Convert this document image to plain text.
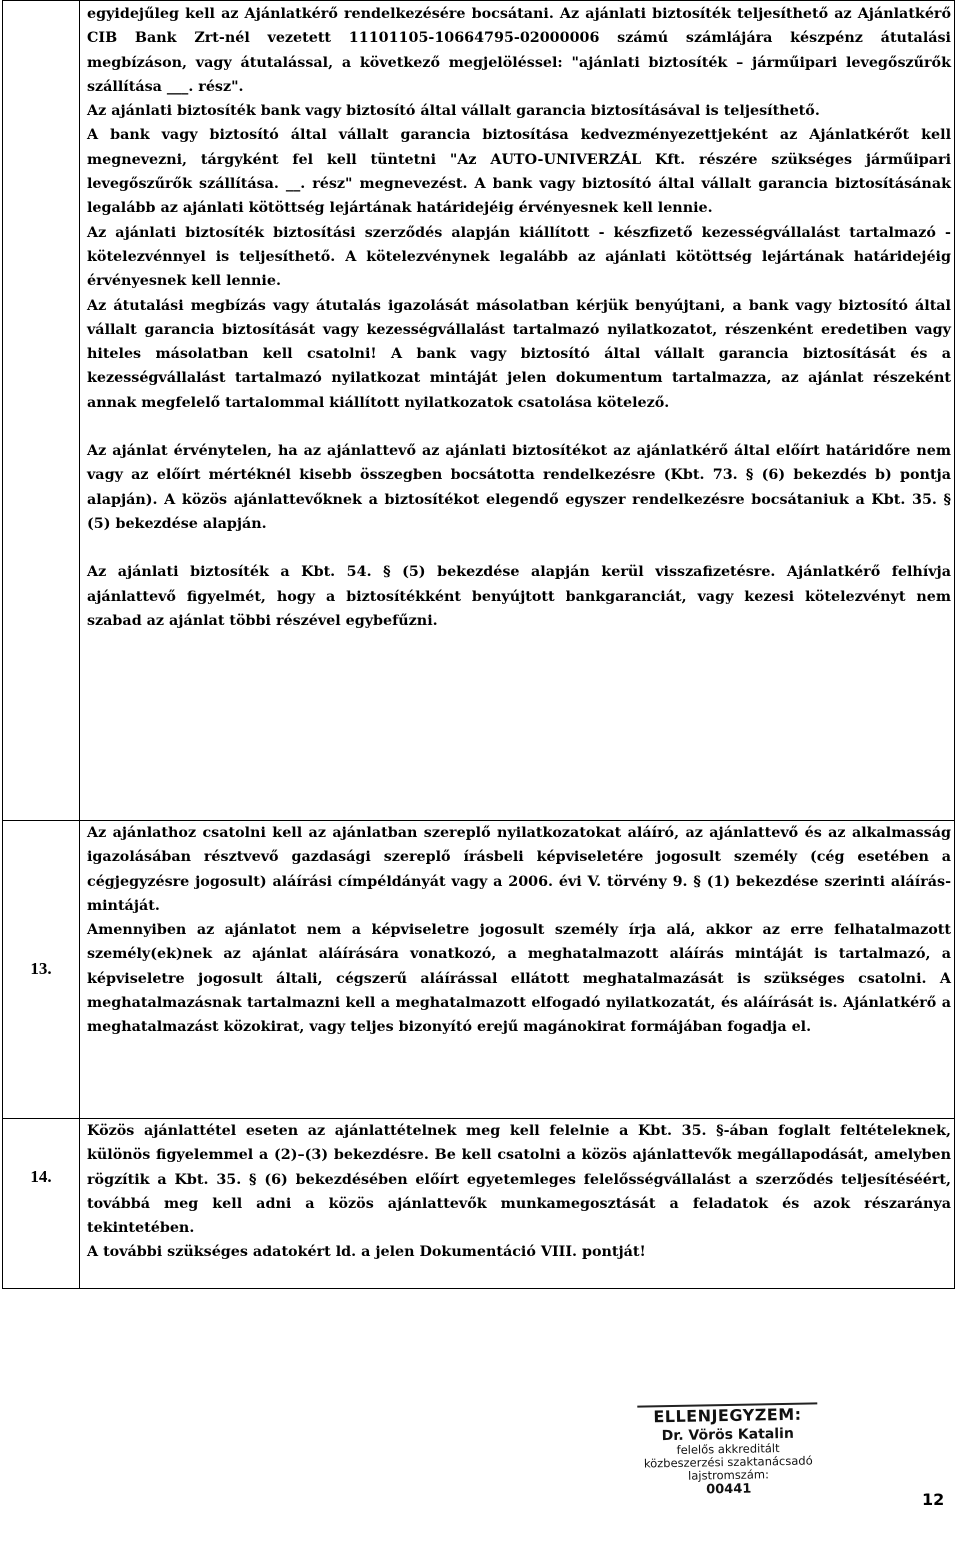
egyidejűleg kell az Ajánlatkérő rendelkezésére bocsátani. Az ajánlati biztosíték teljesíthető az Ajánlatkérő CIB Bank Zrt-nél vezetett 11101105-10664795-02000006 számú számlájára készpénz átutalási megbízáson, vagy átutalással, a következő megjelöléssel: "ajánlati biztosíték – járműipari levegőszűrők szállítása ___. rész".

Az ajánlati biztosíték bank vagy biztosító által vállalt garancia biztosításával is teljesíthető.

A bank vagy biztosító által vállalt garancia biztosítása kedvezményezettjeként az Ajánlatkérőt kell megnevezni, tárgyként fel kell tüntetni "Az AUTO-UNIVERZÁL Kft. részére szükséges járműipari levegőszűrők szállítása. __. rész" megnevezést. A bank vagy biztosító által vállalt garancia biztosításának legalább az ajánlati kötöttség lejártának határidejéig érvényesnek kell lennie.

Az ajánlati biztosíték biztosítási szerződés alapján kiállított - készfizető kezességvállalást tartalmazó - kötelezvénnyel is teljesíthető. A kötelezvénynek legalább az ajánlati kötöttség lejártának határidejéig érvényesnek kell lennie.

Az átutalási megbízás vagy átutalás igazolását másolatban kérjük benyújtani, a bank vagy biztosító által vállalt garancia biztosítását vagy kezességvállalást tartalmazó nyilatkozatot, részenként eredetiben vagy hiteles másolatban kell csatolni! A bank vagy biztosító által vállalt garancia biztosítását és a kezességvállalást tartalmazó nyilatkozat mintáját jelen dokumentum tartalmazza, az ajánlat részeként annak megfelelő tartalommal kiállított nyilatkozatok csatolása kötelező.

Az ajánlat érvénytelen, ha az ajánlattevő az ajánlati biztosítékot az ajánlatkérő által előírt határidőre nem vagy az előírt mértéknél kisebb összegben bocsátotta rendelkezésre (Kbt. 73. § (6) bekezdés b) pontja alapján). A közös ajánlattevőknek a biztosítékot elegendő egyszer rendelkezésre bocsátaniuk a Kbt. 35. § (5) bekezdése alapján.

Az ajánlati biztosíték a Kbt. 54. § (5) bekezdése alapján kerül visszafizetésre. Ajánlatkérő felhívja ajánlattevő figyelmét, hogy a biztosítékként benyújtott bankgaranciát, vagy kezesi kötelezvényt nem szabad az ajánlat többi részével egybefűzni.

13.

Az ajánlathoz csatolni kell az ajánlatban szereplő nyilatkozatokat aláíró, az ajánlattevő és az alkalmasság igazolásában résztvevő gazdasági szereplő írásbeli képviseletére jogosult személy (cég esetében a cégjegyzésre jogosult) aláírási címpéldányát vagy a 2006. évi V. törvény 9. § (1) bekezdése szerinti aláírás-mintáját.

Amennyiben az ajánlatot nem a képviseletre jogosult személy írja alá, akkor az erre felhatalmazott személy(ek)nek az ajánlat aláírására vonatkozó, a meghatalmazott aláírás mintáját is tartalmazó, a képviseletre jogosult általi, cégszerű aláírással ellátott meghatalmazását is szükséges csatolni. A meghatalmazásnak tartalmazni kell a meghatalmazott elfogadó nyilatkozatát, és aláírását is. Ajánlatkérő a meghatalmazást közokirat, vagy teljes bizonyító erejű magánokirat formájában fogadja el.

14.

Közös ajánlattétel eseten az ajánlattételnek meg kell felelnie a Kbt. 35. §-ában foglalt feltételeknek, különös figyelemmel a (2)–(3) bekezdésre. Be kell csatolni a közös ajánlattevők megállapodását, amelyben rögzítik a Kbt. 35. § (6) bekezdésében előírt egyetemleges felelősségvállalást a szerződés teljesítéséért, továbbá meg kell adni a közös ajánlattevők munkamegosztását a feladatok és azok részaránya tekintetében.

A további szükséges adatokért ld. a jelen Dokumentáció VIII. pontját!

ELLENJEGYZEM:
Dr. Vörös Katalin
felelős akkreditált
közbeszerzési szaktanácsadó
lajstromszám:
00441
12
